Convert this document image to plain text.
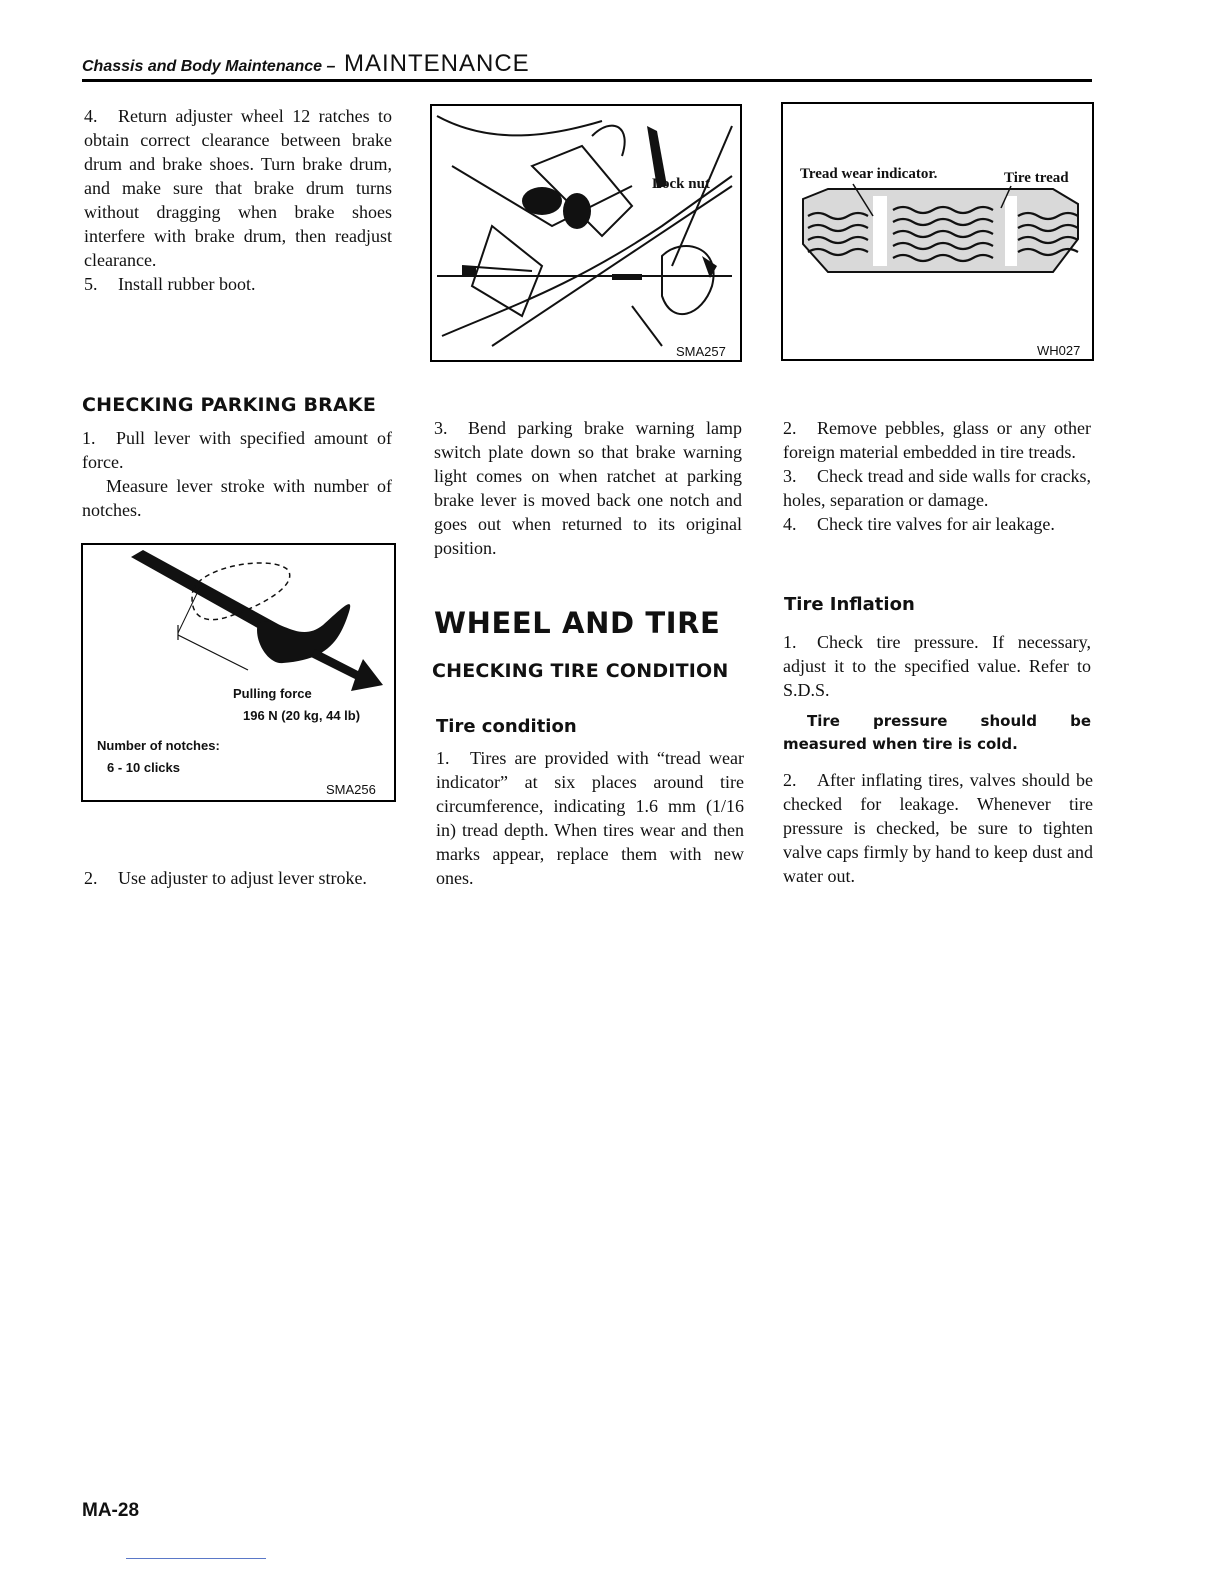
Chassis and Body Maintenance – MAINTENANCE

4. Return adjuster wheel 12 ratches to obtain correct clearance between brake drum and brake shoes. Turn brake drum, and make sure that brake drum turns without dragging when brake shoes interfere with brake drum, then readjust clearance.

5. Install rubber boot.

CHECKING PARKING BRAKE

1. Pull lever with specified amount of force.

Measure lever stroke with number of notches.

Pulling force
196 N (20 kg, 44 lb)
Number of notches:
6 - 10 clicks
SMA256

2. Use adjuster to adjust lever stroke.

Lock nut
SMA257

3. Bend parking brake warning lamp switch plate down so that brake warning light comes on when ratchet at parking brake lever is moved back one notch and goes out when returned to its original position.

WHEEL AND TIRE
CHECKING TIRE CONDITION
Tire condition

1. Tires are provided with “tread wear indicator” at six places around tire circumference, indicating 1.6 mm (1/16 in) tread depth. When tires wear and then marks appear, replace them with new ones.

Tread wear indicator.	Tire tread
WH027

2. Remove pebbles, glass or any other foreign material embedded in tire treads.

3. Check tread and side walls for cracks, holes, separation or damage.

4. Check tire valves for air leakage.

Tire Inflation

1. Check tire pressure. If necessary, adjust it to the specified value. Refer to S.D.S.

Tire pressure should be measured when tire is cold.

2. After inflating tires, valves should be checked for leakage. Whenever tire pressure is checked, be sure to tighten valve caps firmly by hand to keep dust and water out.

MA-28
